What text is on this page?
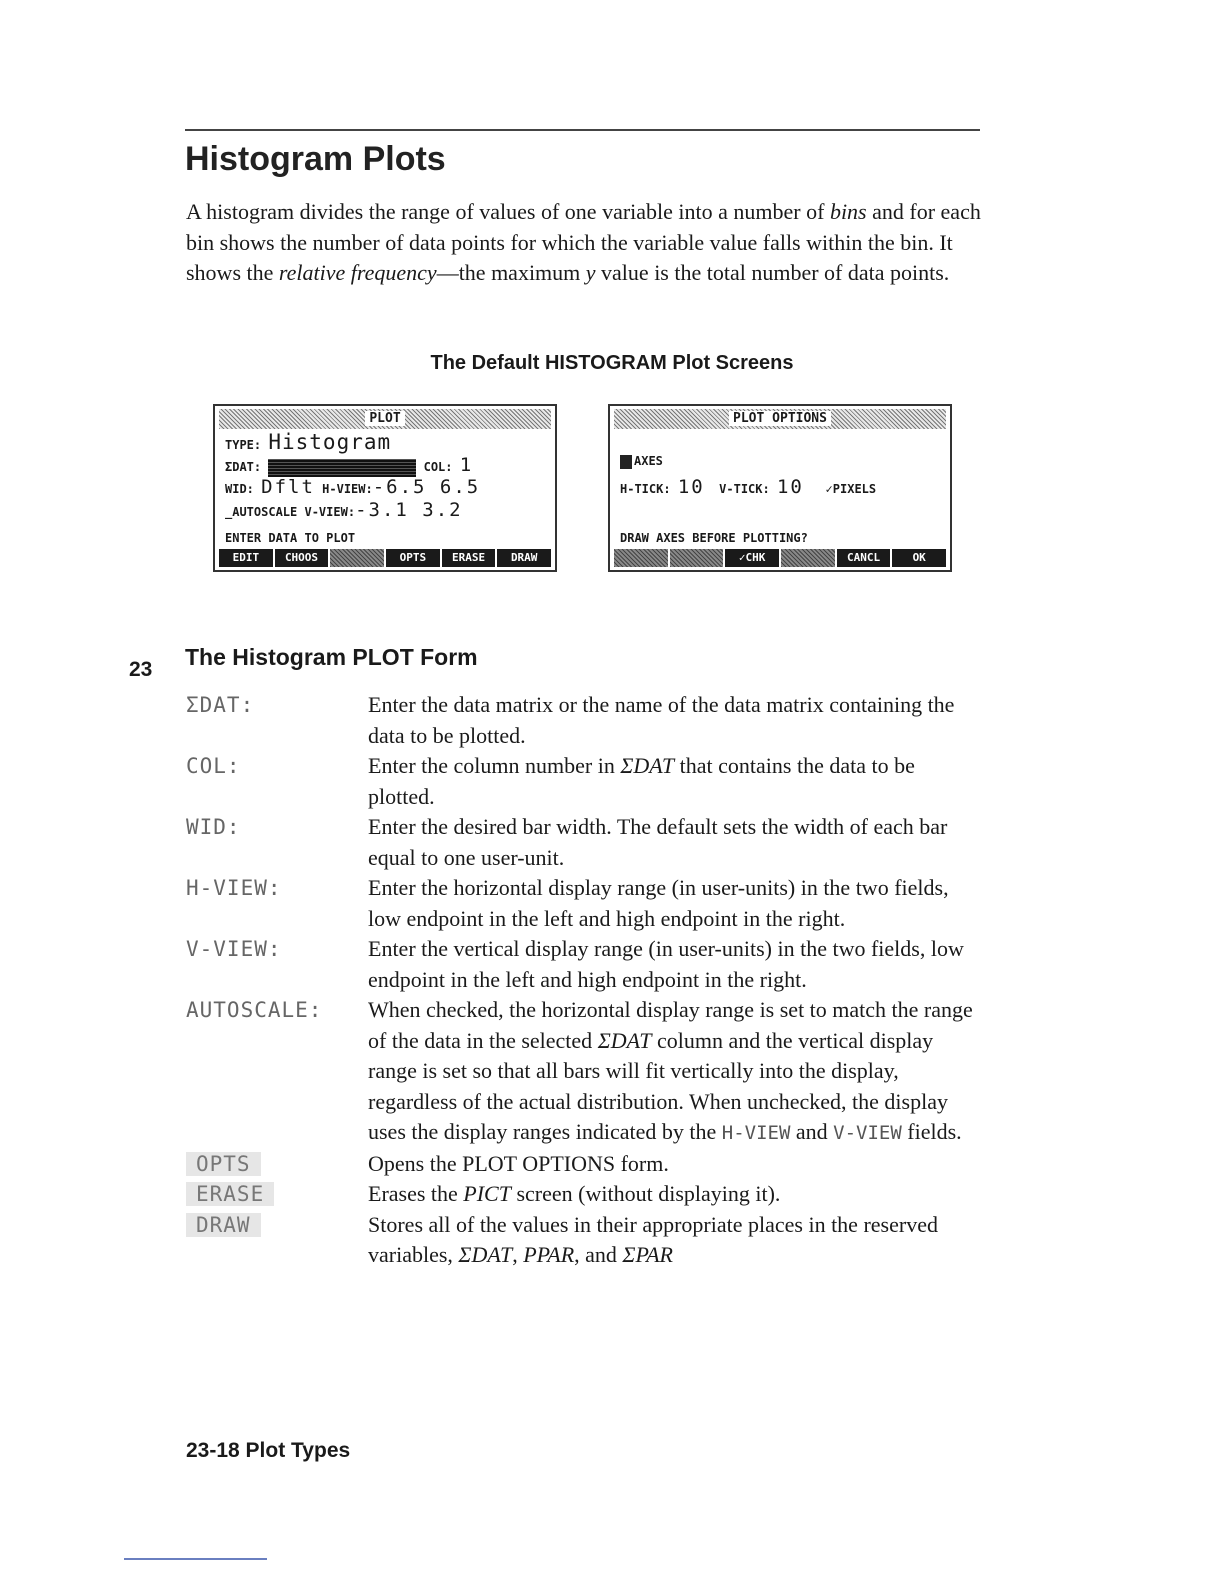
Histogram Plots

A histogram divides the range of values of one variable into a number of bins and for each bin shows the number of data points for which the variable value falls within the bin. It shows the relative frequency—the maximum y value is the total number of data points.

The Default HISTOGRAM Plot Screens
PLOT
TYPE: Histogram
ΣDAT:	COL: 1
WID: Dflt H-VIEW:-6.5 6.5
_AUTOSCALE V-VIEW:-3.1 3.2
ENTER DATA TO PLOT
EDIT	CHOOS	OPTS	ERASE	DRAW
PLOT OPTIONS
AXES
H-TICK: 10 V-TICK: 10 ✓PIXELS
DRAW AXES BEFORE PLOTTING?
✓CHK	CANCL	OK
23 The Histogram PLOT Form
ΣDAT:	Enter the data matrix or the name of the data matrix containing the data to be plotted.
COL:	Enter the column number in ΣDAT that contains the data to be plotted.
WID:	Enter the desired bar width. The default sets the width of each bar equal to one user-unit.
H-VIEW:	Enter the horizontal display range (in user-units) in the two fields, low endpoint in the left and high endpoint in the right.
V-VIEW:	Enter the vertical display range (in user-units) in the two fields, low endpoint in the left and high endpoint in the right.
AUTOSCALE:	When checked, the horizontal display range is set to match the range of the data in the selected ΣDAT column and the vertical display range is set so that all bars will fit vertically into the display, regardless of the actual distribution. When unchecked, the display uses the display ranges indicated by the H-VIEW and V-VIEW fields.
OPTS	Opens the PLOT OPTIONS form.
ERASE	Erases the PICT screen (without displaying it).
DRAW	Stores all of the values in their appropriate places in the reserved variables, ΣDAT, PPAR, and ΣPAR
23-18 Plot Types
